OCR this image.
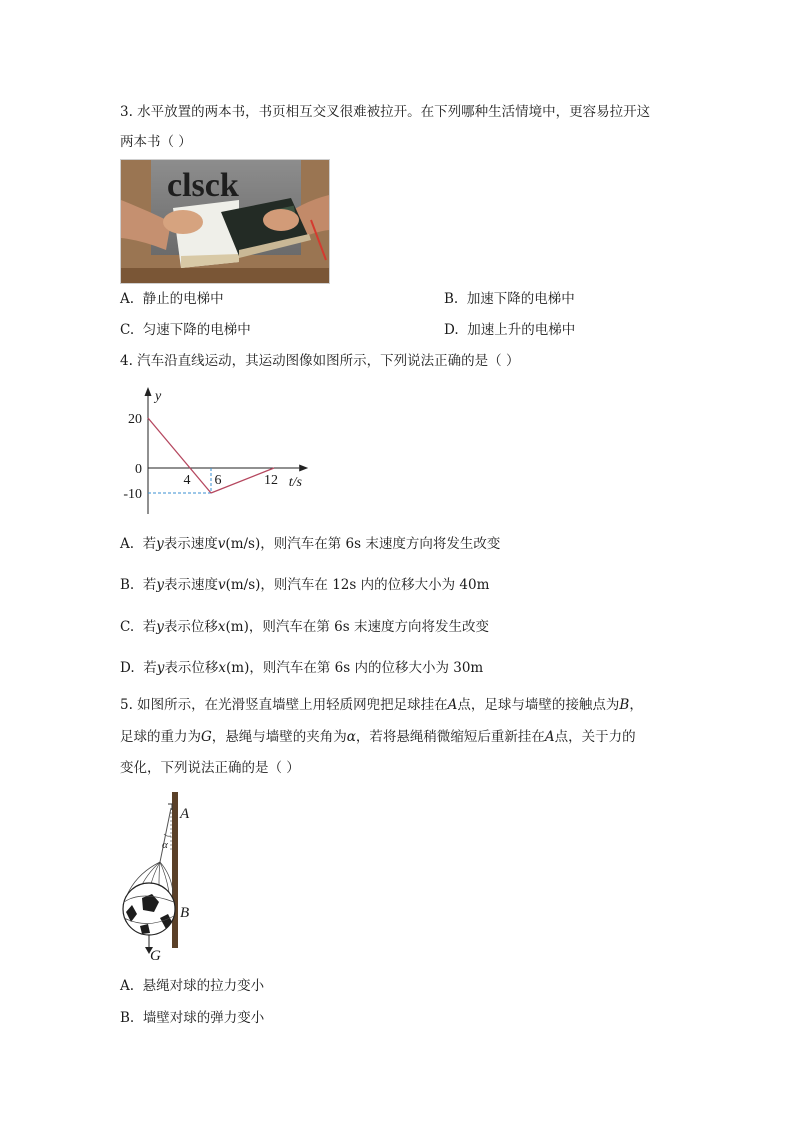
3. 水平放置的两本书，书页相互交叉很难被拉开。在下列哪种生活情境中，更容易拉开这
两本书（ ）
clsck
A. 静止的电梯中	B. 加速下降的电梯中
C. 匀速下降的电梯中	D. 加速上升的电梯中
4. 汽车沿直线运动，其运动图像如图所示，下列说法正确的是（ ）
y
t/s
20
0
-10
4 6	12
A. 若y表示速度v(m/s)，则汽车在第 6s 末速度方向将发生改变
B. 若y表示速度v(m/s)，则汽车在 12s 内的位移大小为 40m
C. 若y表示位移x(m)，则汽车在第 6s 末速度方向将发生改变
D. 若y表示位移x(m)，则汽车在第 6s 内的位移大小为 30m
5. 如图所示，在光滑竖直墙壁上用轻质网兜把足球挂在A点，足球与墙壁的接触点为B，
足球的重力为G，悬绳与墙壁的夹角为α，若将悬绳稍微缩短后重新挂在A点，关于力的
变化，下列说法正确的是（ ）
A
α
B
G
A. 悬绳对球的拉力变小
B. 墙壁对球的弹力变小
